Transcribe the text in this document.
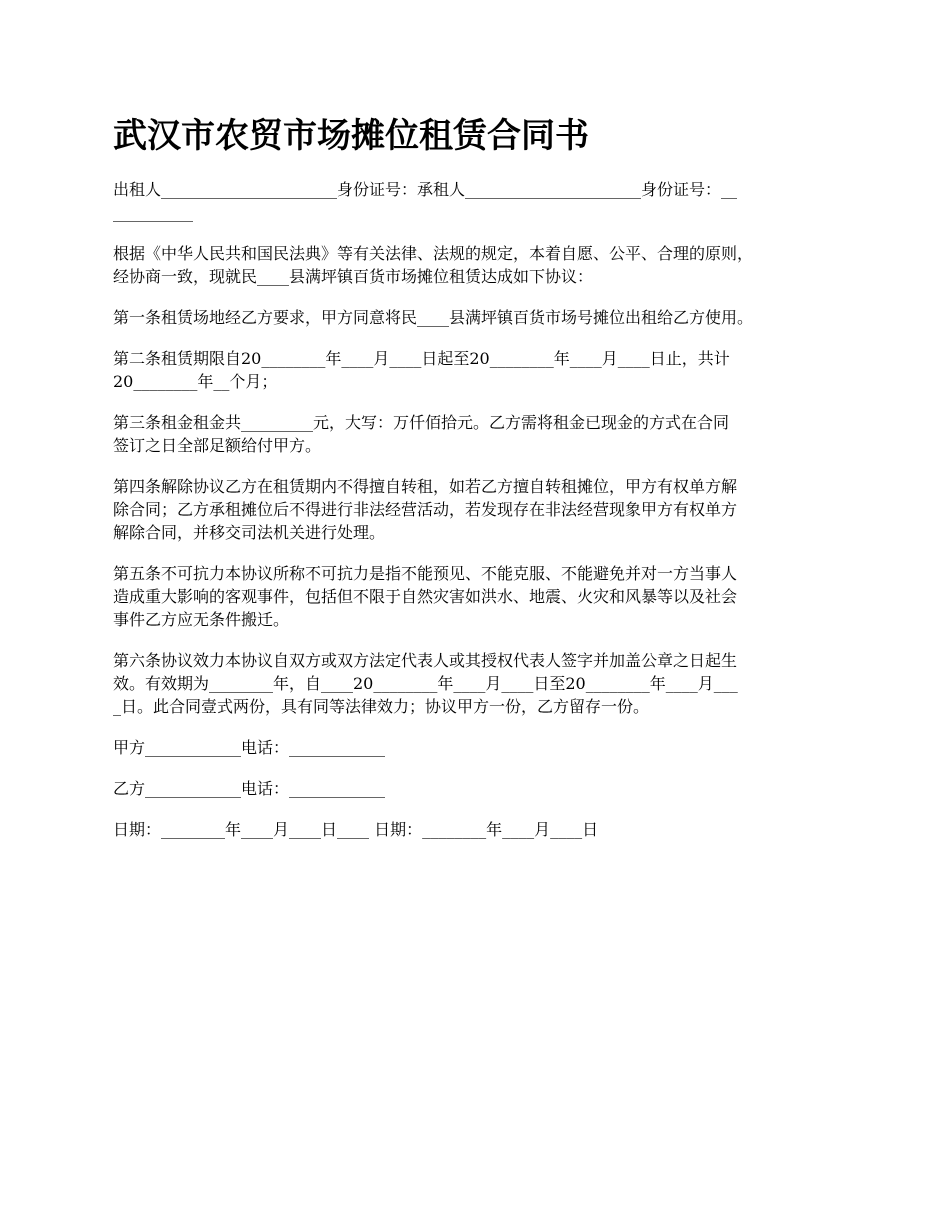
武汉市农贸市场摊位租赁合同书

出租人______________________身份证号：承租人______________________身份证号：__
__________

根据《中华人民共和国民法典》等有关法律、法规的规定，本着自愿、公平、合理的原则，
经协商一致，现就民____县满坪镇百货市场摊位租赁达成如下协议：

第一条租赁场地经乙方要求，甲方同意将民____县满坪镇百货市场号摊位出租给乙方使用。

第二条租赁期限自20________年____月____日起至20________年____月____日止，共计
20________年__个月；

第三条租金租金共_________元，大写：万仟佰拾元。乙方需将租金已现金的方式在合同
签订之日全部足额给付甲方。

第四条解除协议乙方在租赁期内不得擅自转租，如若乙方擅自转租摊位，甲方有权单方解
除合同；乙方承租摊位后不得进行非法经营活动，若发现存在非法经营现象甲方有权单方
解除合同，并移交司法机关进行处理。

第五条不可抗力本协议所称不可抗力是指不能预见、不能克服、不能避免并对一方当事人
造成重大影响的客观事件，包括但不限于自然灾害如洪水、地震、火灾和风暴等以及社会
事件乙方应无条件搬迁。

第六条协议效力本协议自双方或双方法定代表人或其授权代表人签字并加盖公章之日起生
效。有效期为________年，自____20________年____月____日至20________年____月___
_日。此合同壹式两份，具有同等法律效力；协议甲方一份，乙方留存一份。

甲方____________电话：____________

乙方____________电话：____________

日期：________年____月____日____ 日期：________年____月____日
